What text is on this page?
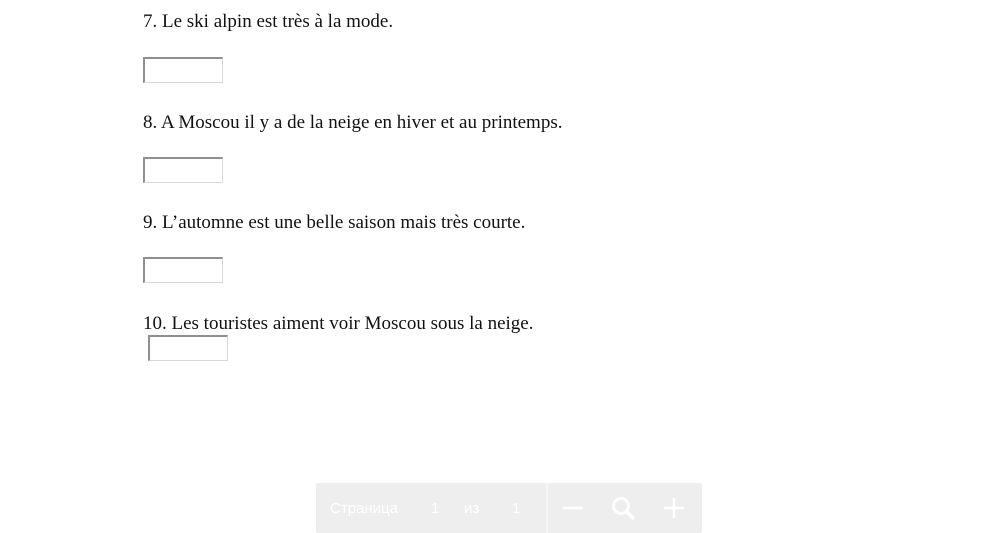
7. Le ski alpin est très à la mode.
8. A Moscou il y a de la neige en hiver et au printemps.
9. L’automne est une belle saison mais très courte.
10. Les touristes aiment voir Moscou sous la neige.
Страница 1 из 1
